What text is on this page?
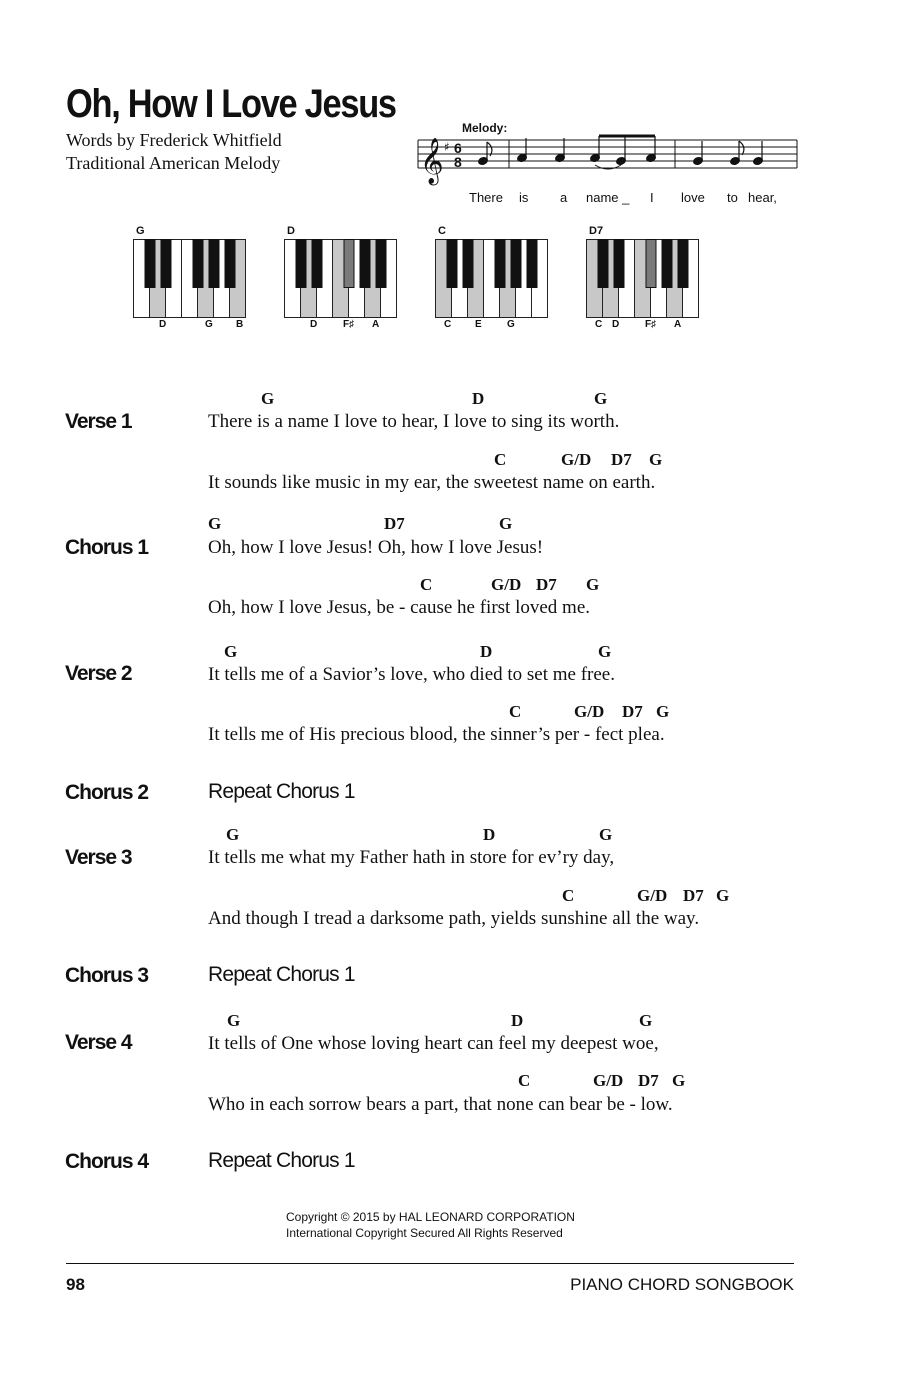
Oh, How I Love Jesus
Words by Frederick Whitfield
Traditional American Melody
Melody:
𝄞 ♯ 6
8
There is a name _ I love to hear,
G
D	G B
D
D	F♯ A
C
C E	G
D7
C D	F♯ A
Verse 1
G	D	G
There is a name I love to hear, I love to sing its worth.
C	G/D D7 G
It sounds like music in my ear, the sweetest name on earth.
Chorus 1
G	D7	G
Oh, how I love Jesus! Oh, how I love Jesus!
C	G/D D7 G
Oh, how I love Jesus, be - cause he first loved me.
Verse 2
G	D	G
It tells me of a Savior’s love, who died to set me free.
C	G/D D7 G
It tells me of His precious blood, the sinner’s per - fect plea.
Chorus 2	Repeat Chorus 1
Verse 3
G	D	G
It tells me what my Father hath in store for ev’ry day,
C	G/D D7 G
And though I tread a darksome path, yields sunshine all the way.
Chorus 3	Repeat Chorus 1
Verse 4
G	D	G
It tells of One whose loving heart can feel my deepest woe,
C	G/D D7 G
Who in each sorrow bears a part, that none can bear be - low.
Chorus 4	Repeat Chorus 1
Copyright © 2015 by HAL LEONARD CORPORATION
International Copyright Secured All Rights Reserved
98	PIANO CHORD SONGBOOK
